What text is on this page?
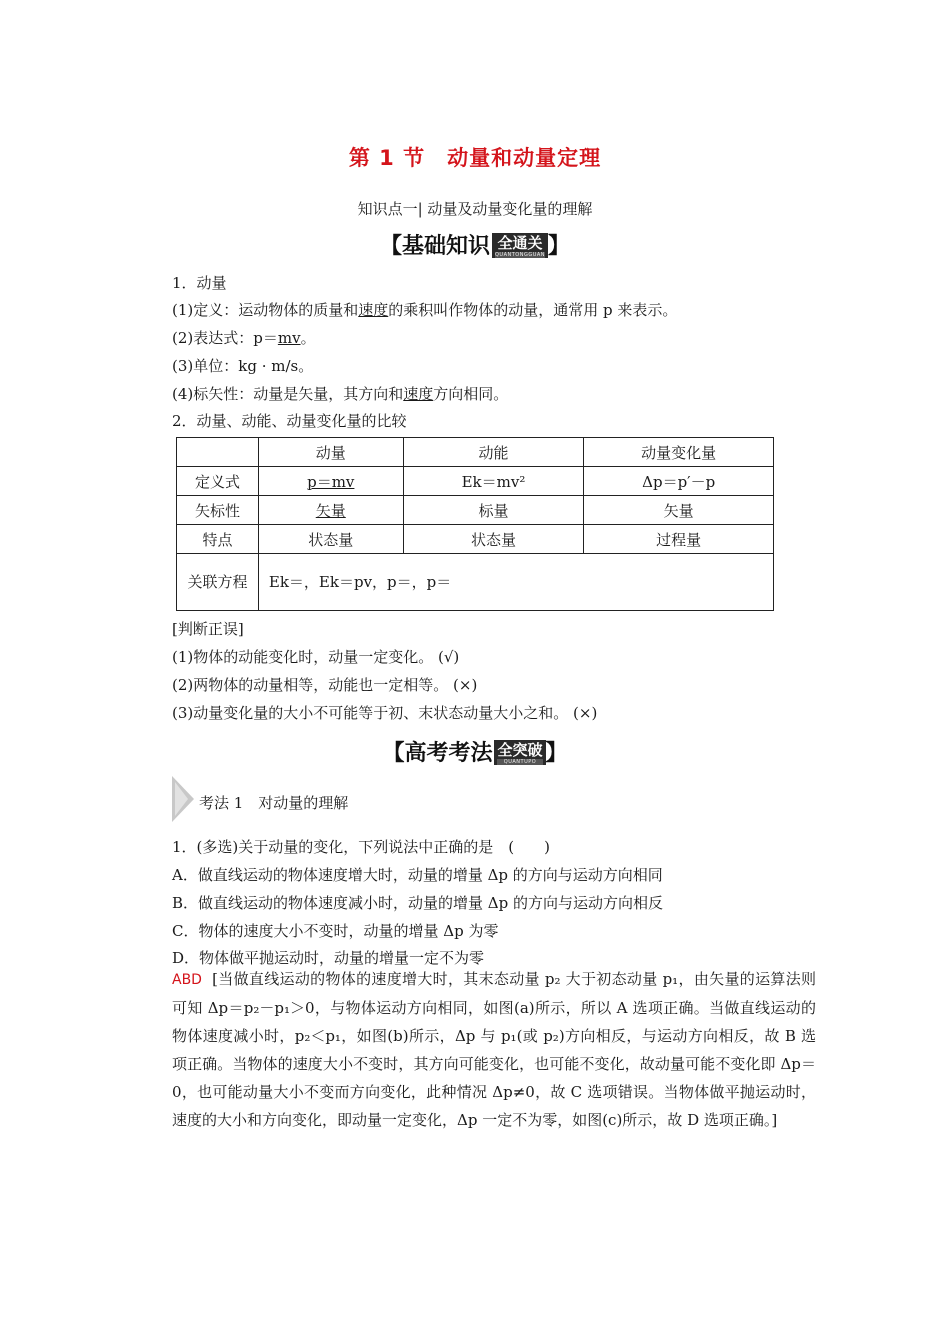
第 1 节　动量和动量定理
知识点一| 动量及动量变化量的理解
【基础知识 全通关
QUANTONGGUAN 】
1．动量
(1)定义：运动物体的质量和速度的乘积叫作物体的动量，通常用 p 来表示。
(2)表达式：p＝mv。
(3)单位：kg · m/s。
(4)标矢性：动量是矢量，其方向和速度方向相同。
2．动量、动能、动量变化量的比较
	动量	动能	动量变化量
定义式	p＝mv	Ek＝mv²	Δp＝p′－p
矢标性	矢量	标量	矢量
特点	状态量	状态量	过程量
关联方程	Ek＝，Ek＝pv，p＝，p＝		
[判断正误]
(1)物体的动能变化时，动量一定变化。 (√)
(2)两物体的动量相等，动能也一定相等。 (×)
(3)动量变化量的大小不可能等于初、末状态动量大小之和。 (×)
【高考考法 全突破
QUANTUPO 】
考法 1　对动量的理解
1．(多选)关于动量的变化，下列说法中正确的是　(　　)
A．做直线运动的物体速度增大时，动量的增量 Δp 的方向与运动方向相同
B．做直线运动的物体速度减小时，动量的增量 Δp 的方向与运动方向相反
C．物体的速度大小不变时，动量的增量 Δp 为零
D．物体做平抛运动时，动量的增量一定不为零
ABD [当做直线运动的物体的速度增大时，其末态动量 p₂ 大于初态动量 p₁，由矢量的运算法则可知 Δp＝p₂－p₁＞0，与物体运动方向相同，如图(a)所示，所以 A 选项正确。当做直线运动的物体速度减小时，p₂＜p₁，如图(b)所示，Δp 与 p₁(或 p₂)方向相反，与运动方向相反，故 B 选项正确。当物体的速度大小不变时，其方向可能变化，也可能不变化，故动量可能不变化即 Δp＝0，也可能动量大小不变而方向变化，此种情况 Δp≠0，故 C 选项错误。当物体做平抛运动时，速度的大小和方向变化，即动量一定变化，Δp 一定不为零，如图(c)所示，故 D 选项正确。]
